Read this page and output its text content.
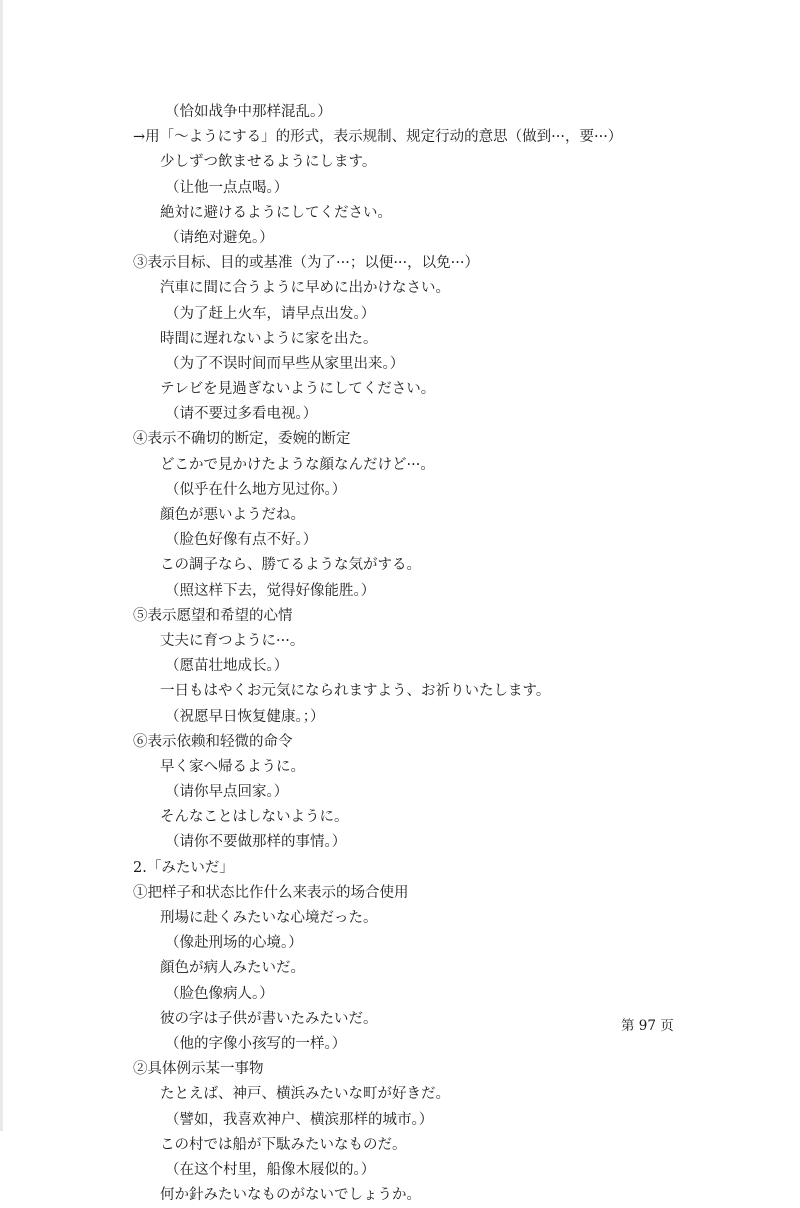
（恰如战争中那样混乱。）
→用「〜ようにする」的形式，表示规制、规定行动的意思（做到···，要···）
少しずつ飲ませるようにします。
（让他一点点喝。）
絶対に避けるようにしてください。
（请绝对避免。）
③表示目标、目的或基准（为了···；以便···，以免···）
汽車に間に合うように早めに出かけなさい。
（为了赶上火车，请早点出发。）
時間に遅れないように家を出た。
（为了不误时间而早些从家里出来。）
テレビを見過ぎないようにしてください。
（请不要过多看电视。）
④表示不确切的断定，委婉的断定
どこかで見かけたような顔なんだけど···。
（似乎在什么地方见过你。）
顔色が悪いようだね。
（脸色好像有点不好。）
この調子なら、勝てるような気がする。
（照这样下去，觉得好像能胜。）
⑤表示愿望和希望的心情
丈夫に育つように···。
（愿苗壮地成长。）
一日もはやくお元気になられますよう、お祈りいたします。
（祝愿早日恢复健康。；）
⑥表示依赖和轻微的命令
早く家へ帰るように。
（请你早点回家。）
そんなことはしないように。
（请你不要做那样的事情。）
2.「みたいだ」
①把样子和状态比作什么来表示的场合使用
刑場に赴くみたいな心境だった。
（像赴刑场的心境。）
顔色が病人みたいだ。
（脸色像病人。）
彼の字は子供が書いたみたいだ。
（他的字像小孩写的一样。）
②具体例示某一事物
たとえば、神戸、横浜みたいな町が好きだ。
（譬如，我喜欢神户、横滨那样的城市。）
この村では船が下駄みたいなものだ。
（在这个村里，船像木屐似的。）
何か針みたいなものがないでしょうか。
第 97 页
